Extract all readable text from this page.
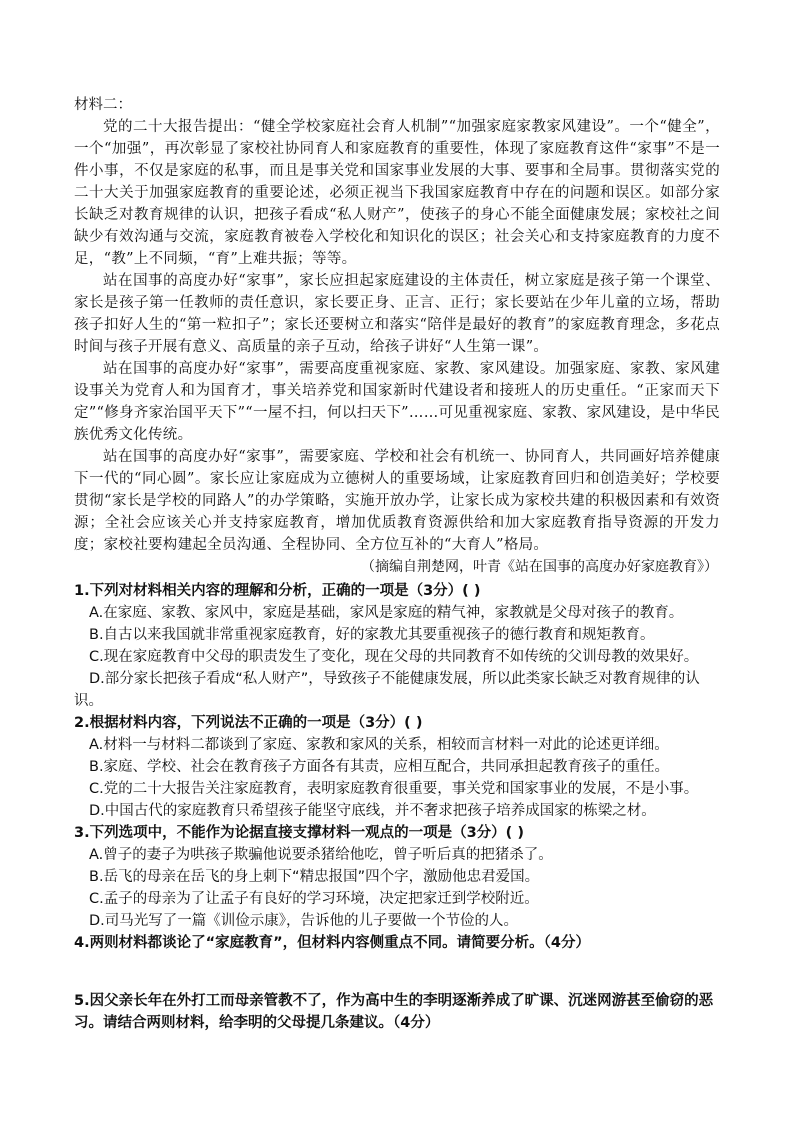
材料二：

党的二十大报告提出：“健全学校家庭社会育人机制”“加强家庭家教家风建设”。一个“健全”，一个“加强”，再次彰显了家校社协同育人和家庭教育的重要性，体现了家庭教育这件“家事”不是一件小事，不仅是家庭的私事，而且是事关党和国家事业发展的大事、要事和全局事。贯彻落实党的二十大关于加强家庭教育的重要论述，必须正视当下我国家庭教育中存在的问题和误区。如部分家长缺乏对教育规律的认识，把孩子看成“私人财产”，使孩子的身心不能全面健康发展；家校社之间缺少有效沟通与交流，家庭教育被卷入学校化和知识化的误区；社会关心和支持家庭教育的力度不足，“教”上不同频，“育”上难共振；等等。

站在国事的高度办好“家事”，家长应担起家庭建设的主体责任，树立家庭是孩子第一个课堂、家长是孩子第一任教师的责任意识，家长要正身、正言、正行；家长要站在少年儿童的立场，帮助孩子扣好人生的“第一粒扣子”；家长还要树立和落实“陪伴是最好的教育”的家庭教育理念，多花点时间与孩子开展有意义、高质量的亲子互动，给孩子讲好“人生第一课”。

站在国事的高度办好“家事”，需要高度重视家庭、家教、家风建设。加强家庭、家教、家风建设事关为党育人和为国育才，事关培养党和国家新时代建设者和接班人的历史重任。“正家而天下定”“修身齐家治国平天下”“一屋不扫，何以扫天下”……可见重视家庭、家教、家风建设，是中华民族优秀文化传统。

站在国事的高度办好“家事”，需要家庭、学校和社会有机统一、协同育人，共同画好培养健康下一代的“同心圆”。家长应让家庭成为立德树人的重要场域，让家庭教育回归和创造美好；学校要贯彻“家长是学校的同路人”的办学策略，实施开放办学，让家长成为家校共建的积极因素和有效资源；全社会应该关心并支持家庭教育，增加优质教育资源供给和加大家庭教育指导资源的开发力度；家校社要构建起全员沟通、全程协同、全方位互补的“大育人”格局。

（摘编自荆楚网，叶青《站在国事的高度办好家庭教育》）

1.下列对材料相关内容的理解和分析，正确的一项是（3分）( )

A.在家庭、家教、家风中，家庭是基础，家风是家庭的精气神，家教就是父母对孩子的教育。

B.自古以来我国就非常重视家庭教育，好的家教尤其要重视孩子的德行教育和规矩教育。

C.现在家庭教育中父母的职责发生了变化，现在父母的共同教育不如传统的父训母教的效果好。

D.部分家长把孩子看成“私人财产”，导致孩子不能健康发展，所以此类家长缺乏对教育规律的认识。

2.根据材料内容，下列说法不正确的一项是（3分）( )

A.材料一与材料二都谈到了家庭、家教和家风的关系，相较而言材料一对此的论述更详细。

B.家庭、学校、社会在教育孩子方面各有其责，应相互配合，共同承担起教育孩子的重任。

C.党的二十大报告关注家庭教育，表明家庭教育很重要，事关党和国家事业的发展，不是小事。

D.中国古代的家庭教育只希望孩子能坚守底线，并不奢求把孩子培养成国家的栋梁之材。

3.下列选项中，不能作为论据直接支撑材料一观点的一项是（3分）( )

A.曾子的妻子为哄孩子欺骗他说要杀猪给他吃，曾子听后真的把猪杀了。

B.岳飞的母亲在岳飞的身上刺下“精忠报国”四个字，激励他忠君爱国。

C.孟子的母亲为了让孟子有良好的学习环境，决定把家迁到学校附近。

D.司马光写了一篇《训俭示康》，告诉他的儿子要做一个节俭的人。

4.两则材料都谈论了“家庭教育”，但材料内容侧重点不同。请简要分析。（4分）

5.因父亲长年在外打工而母亲管教不了，作为高中生的李明逐渐养成了旷课、沉迷网游甚至偷窃的恶习。请结合两则材料，给李明的父母提几条建议。（4分）
